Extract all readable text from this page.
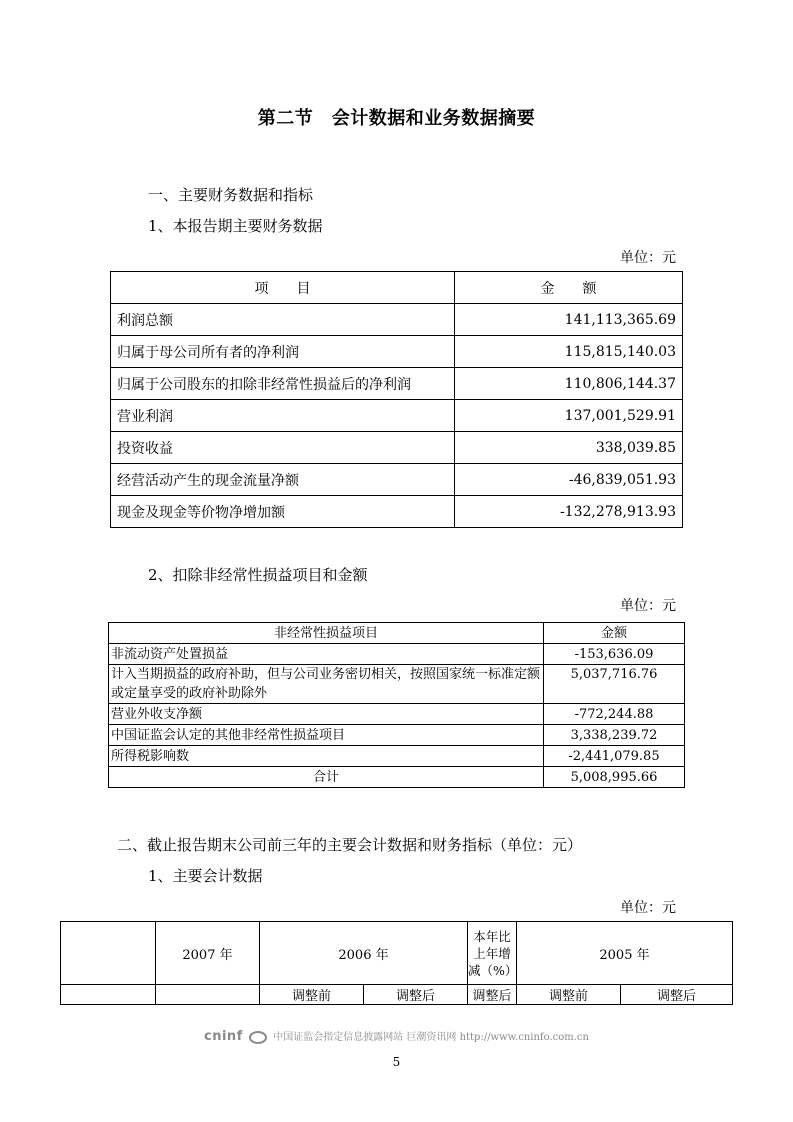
第二节　会计数据和业务数据摘要
一、主要财务数据和指标
1、本报告期主要财务数据
单位：元
项　　目	金　　额
利润总额	141,113,365.69
归属于母公司所有者的净利润	115,815,140.03
归属于公司股东的扣除非经常性损益后的净利润	110,806,144.37
营业利润	137,001,529.91
投资收益	338,039.85
经营活动产生的现金流量净额	-46,839,051.93
现金及现金等价物净增加额	-132,278,913.93
2、扣除非经常性损益项目和金额
单位：元
非经常性损益项目	金额
非流动资产处置损益	-153,636.09
计入当期损益的政府补助，但与公司业务密切相关，按照国家统一标准定额或定量享受的政府补助除外	5,037,716.76
营业外收支净额	-772,244.88
中国证监会认定的其他非经常性损益项目	3,338,239.72
所得税影响数	-2,441,079.85
合计	5,008,995.66
二、截止报告期末公司前三年的主要会计数据和财务指标（单位：元）
1、主要会计数据
单位：元
	2007 年	2006 年		本年比
上年增
减（%）	2005 年	
		调整前	调整后	调整后	调整前	调整后
cninf	中国证监会指定信息披露网站 巨潮资讯网 http://www.cninfo.com.cn
5
